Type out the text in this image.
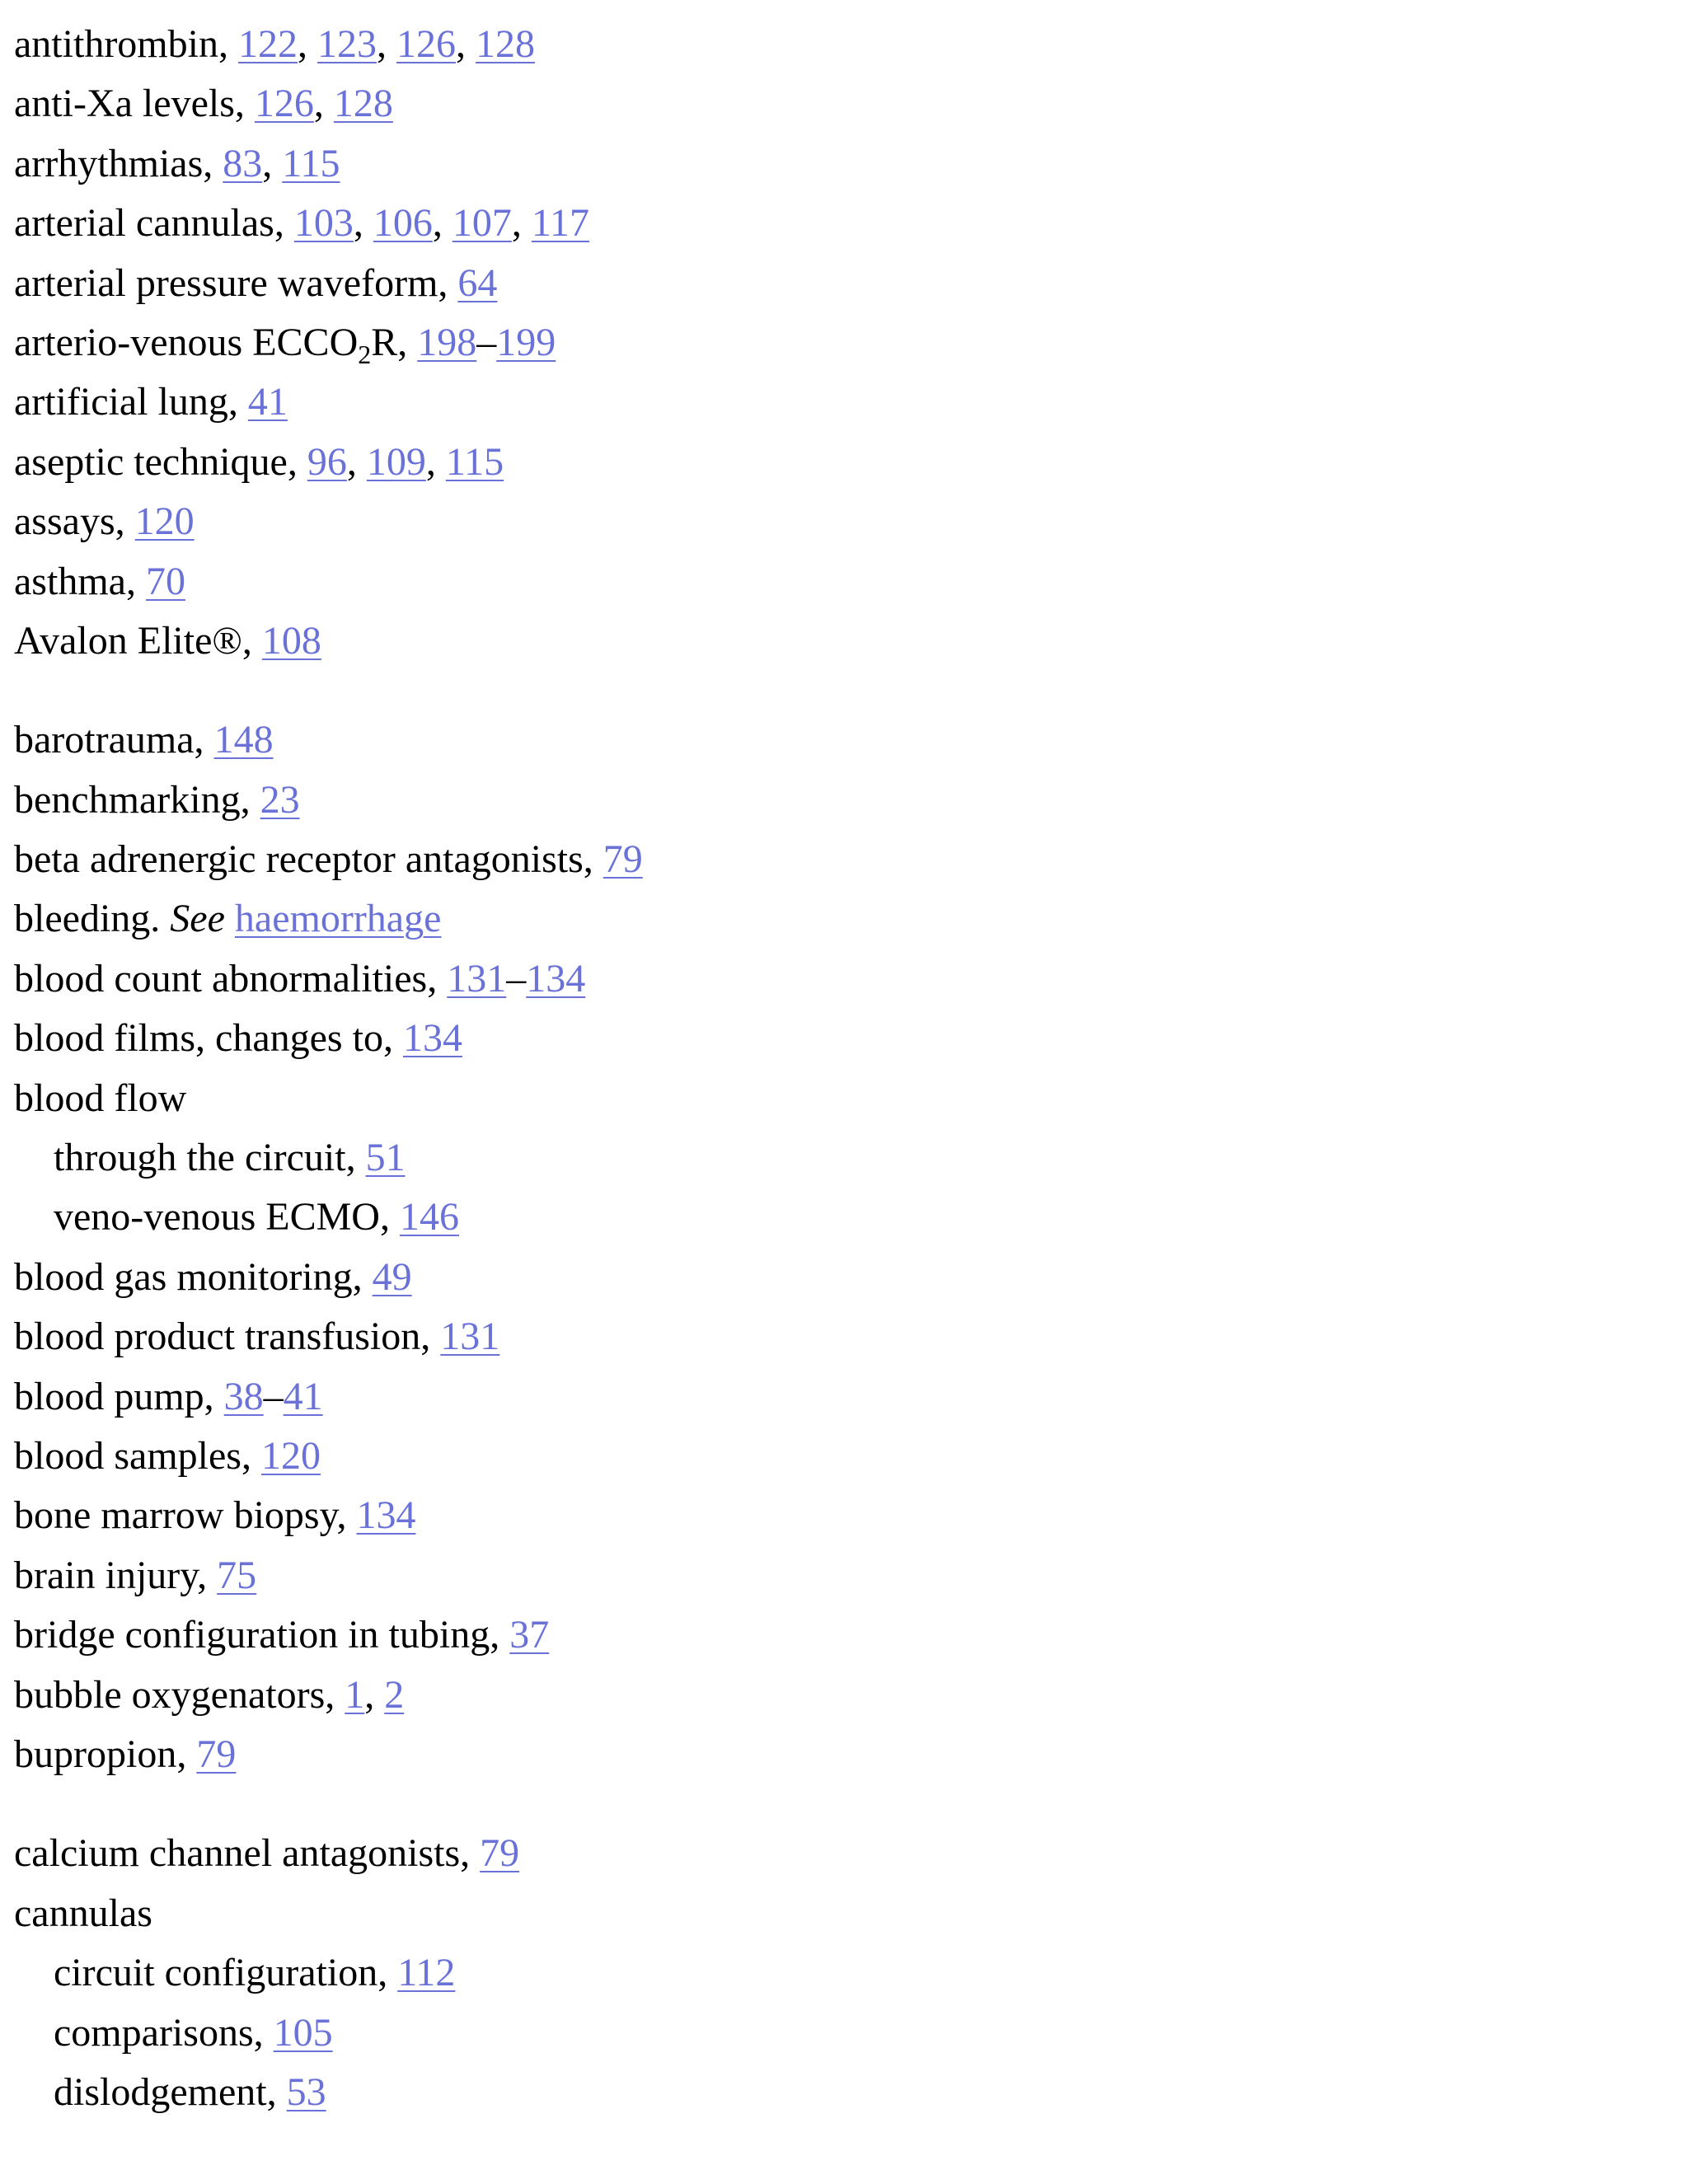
antithrombin, 122, 123, 126, 128
anti-Xa levels, 126, 128
arrhythmias, 83, 115
arterial cannulas, 103, 106, 107, 117
arterial pressure waveform, 64
arterio-venous $ECCO_2R$, 198–199
artificial lung, 41
aseptic technique, 96, 109, 115
assays, 120
asthma, 70
Avalon Elite®, 108
barotrauma, 148
benchmarking, 23
beta adrenergic receptor antagonists, 79
bleeding. See haemorrhage
blood count abnormalities, 131–134
blood films, changes to, 134
blood flow
through the circuit, 51
veno-venous ECMO, 146
blood gas monitoring, 49
blood product transfusion, 131
blood pump, 38–41
blood samples, 120
bone marrow biopsy, 134
brain injury, 75
bridge configuration in tubing, 37
bubble oxygenators, 1, 2
bupropion, 79
calcium channel antagonists, 79
cannulas
circuit configuration, 112
comparisons, 105
dislodgement, 53
